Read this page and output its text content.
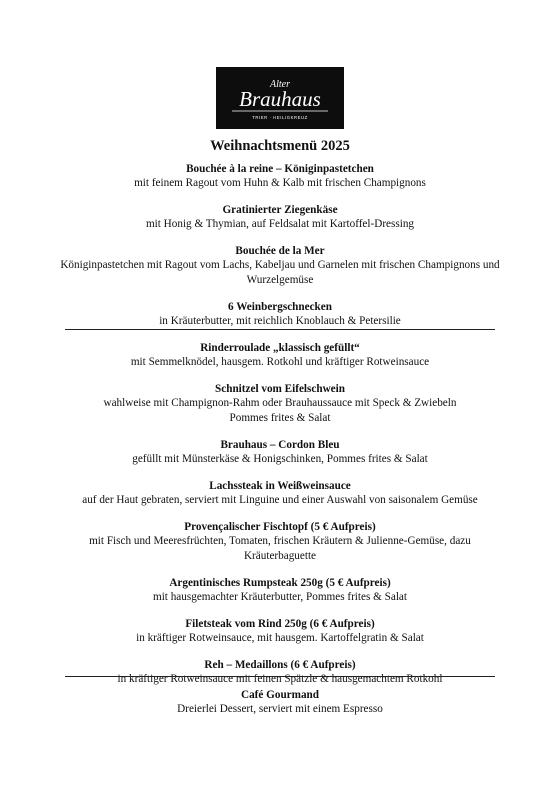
Alter
Brauhaus
TRIER · HEILIGKREUZ
Weihnachtsmenü 2025
Bouchée à la reine – Königinpastetchen
mit feinem Ragout vom Huhn & Kalb mit frischen Champignons
Gratinierter Ziegenkäse
mit Honig & Thymian, auf Feldsalat mit Kartoffel-Dressing
Bouchée de la Mer
Königinpastetchen mit Ragout vom Lachs, Kabeljau und Garnelen mit frischen Champignons und Wurzelgemüse
6 Weinbergschnecken
in Kräuterbutter, mit reichlich Knoblauch & Petersilie
Rinderroulade „klassisch gefüllt“
mit Semmelknödel, hausgem. Rotkohl und kräftiger Rotweinsauce
Schnitzel vom Eifelschwein
wahlweise mit Champignon-Rahm oder Brauhaussauce mit Speck & Zwiebeln Pommes frites & Salat
Brauhaus – Cordon Bleu
gefüllt mit Münsterkäse & Honigschinken, Pommes frites & Salat
Lachssteak in Weißweinsauce
auf der Haut gebraten, serviert mit Linguine und einer Auswahl von saisonalem Gemüse
Provençalischer Fischtopf (5 € Aufpreis)
mit Fisch und Meeresfrüchten, Tomaten, frischen Kräutern & Julienne-Gemüse, dazu Kräuterbaguette
Argentinisches Rumpsteak 250g (5 € Aufpreis)
mit hausgemachter Kräuterbutter, Pommes frites & Salat
Filetsteak vom Rind 250g (6 € Aufpreis)
in kräftiger Rotweinsauce, mit hausgem. Kartoffelgratin & Salat
Reh – Medaillons (6 € Aufpreis)
in kräftiger Rotweinsauce mit feinen Spätzle & hausgemachtem Rotkohl
Café Gourmand
Dreierlei Dessert, serviert mit einem Espresso
